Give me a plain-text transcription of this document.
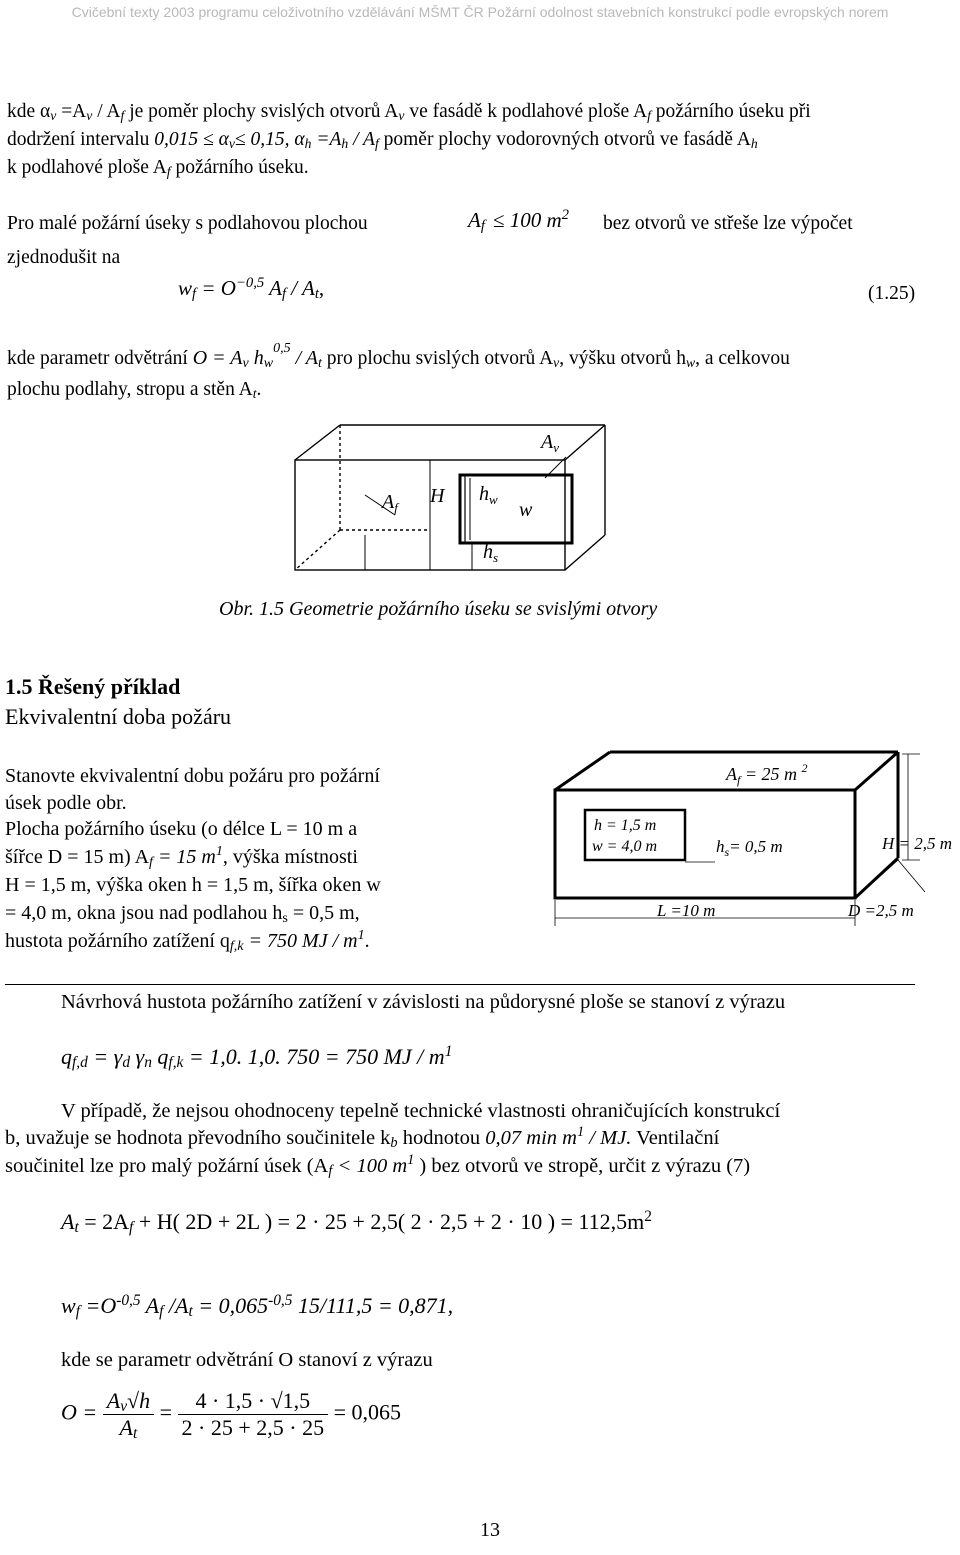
Cvičební texty 2003 programu celoživotního vzdělávání MŠMT ČR Požární odolnost stavebních konstrukcí podle evropských norem
kde $\alpha_v =A_v / A_f$ je poměr plochy svislých otvorů $A_v$ ve fasádě k podlahové ploše $A_f$ požárního úseku při
dodržení intervalu $0,015 \le \alpha_v\le 0,15$, $\alpha_h =A_h / A_f$ poměr plochy vodorovných otvorů ve fasádě $A_h$
k podlahové ploše $A_f$ požárního úseku.
Pro malé požární úseky s podlahovou plochou	$A_f \le 100$ $m^2$ bez otvorů ve střeše lze výpočet
zjednodušit na
$w_f = O^{-0,5}$ $A_f / A_t$,	(1.25)
kde parametr odvětrání $O = A_v$ $h_w^{0,5} / A_t$ pro plochu svislých otvorů $A_v$, výšku otvorů $h_w$, a celkovou
plochu podlahy, stropu a stěn $A_t$.
$A_v$
$A_f$
H $h_w$ w
$h_s$
Obr. 1.5 Geometrie požárního úseku se svislými otvory
1.5 Řešený příklad
Ekvivalentní doba požáru
Stanovte ekvivalentní dobu požáru pro požární
úsek podle obr.
Plocha požárního úseku (o délce L = 10 m a
šířce D = 15 m) $A_f = 15$ $m^1$, výška místnosti
H = 1,5 m, výška oken h = 1,5 m, šířka oken w
= 4,0 m, okna jsou nad podlahou $h_s = 0,5$ m,
hustota požárního zatížení $q_{f,k} = 750$ MJ / $m^1$.
$A_f = 25$ m $^2$
h = 1,5 m
w = 4,0 m	$h_s= 0,5$ m	H = 2,5 m
L =10 m	D =2,5 m
Návrhová hustota požárního zatížení v závislosti na půdorysné ploše se stanoví z výrazu
$q_{f,d} = \gamma_d$ $\gamma_n$ $q_{f,k} = 1,0$. 1,0. 750 = 750 MJ / $m^1$
V případě, že nejsou ohodnoceny tepelně technické vlastnosti ohraničujících konstrukcí
b, uvažuje se hodnota převodního součinitele $k_b$ hodnotou 0,07 $\min m^1$ / MJ. Ventilační
součinitel lze pro malý požární úsek ($A_f < 100$ $m^1$ ) bez otvorů ve stropě, určit z výrazu (7)
$A_t = 2A_f + H$( 2D + 2L ) = 2 · 25 + 2,5( 2 · 2,5 + 2 · 10 ) = $112,5m^2$
$w_f =O^{-0,5}$ $A_f$ $/A_t = 0,065^{-0,5}$ 15/111,5 = 0,871,
kde se parametr odvětrání O stanoví z výrazu
$O = \frac{A_v√h}{A_t} = \frac{4 \cdot 1,5 \cdot √1,5}{2 \cdot 25 + 2,5 \cdot 25} = 0,065$
13
